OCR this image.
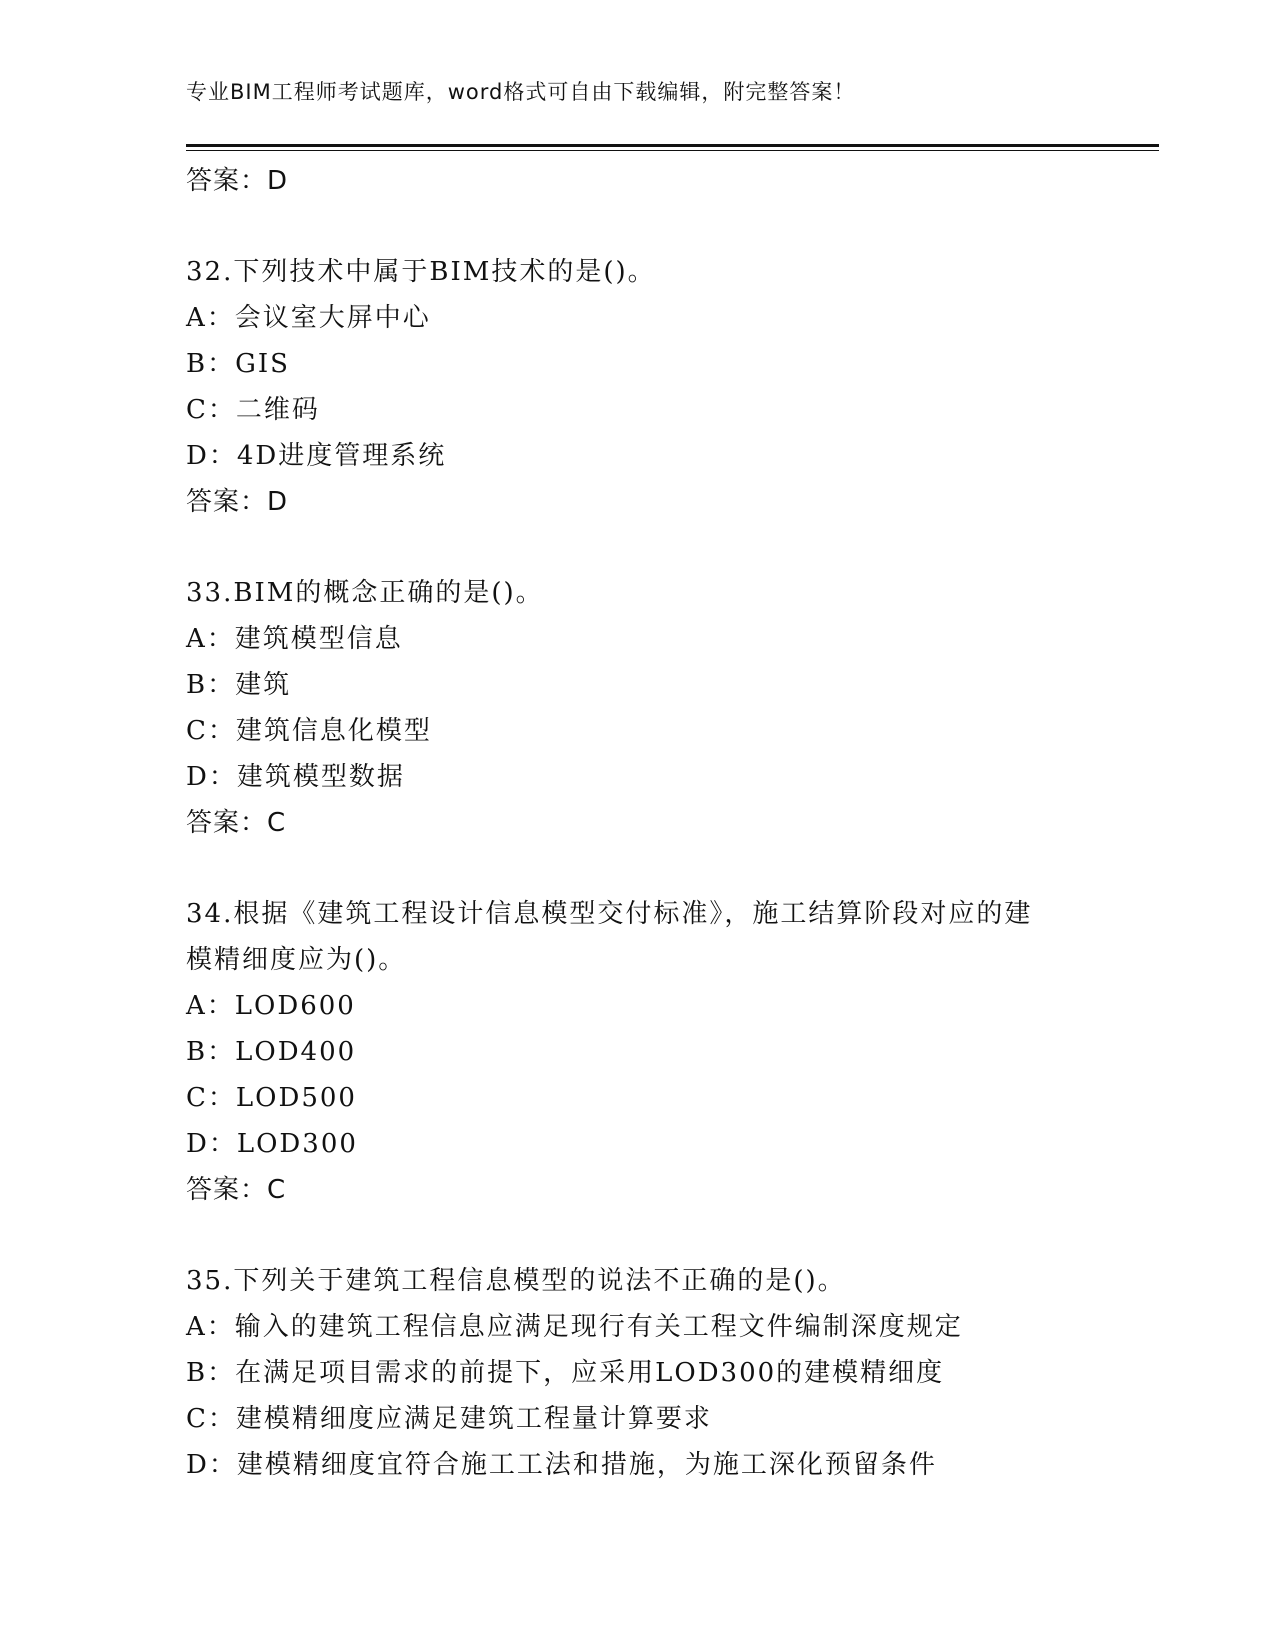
专业BIM工程师考试题库，word格式可自由下载编辑，附完整答案！
答案：D
32.下列技术中属于BIM技术的是()。
A：会议室大屏中心
B：GIS
C：二维码
D：4D进度管理系统
答案：D
33.BIM的概念正确的是()。
A：建筑模型信息
B：建筑
C：建筑信息化模型
D：建筑模型数据
答案：C
34.根据《建筑工程设计信息模型交付标准》，施工结算阶段对应的建
模精细度应为()。
A：LOD600
B：LOD400
C：LOD500
D：LOD300
答案：C
35.下列关于建筑工程信息模型的说法不正确的是()。
A：输入的建筑工程信息应满足现行有关工程文件编制深度规定
B：在满足项目需求的前提下，应采用LOD300的建模精细度
C：建模精细度应满足建筑工程量计算要求
D：建模精细度宜符合施工工法和措施，为施工深化预留条件
